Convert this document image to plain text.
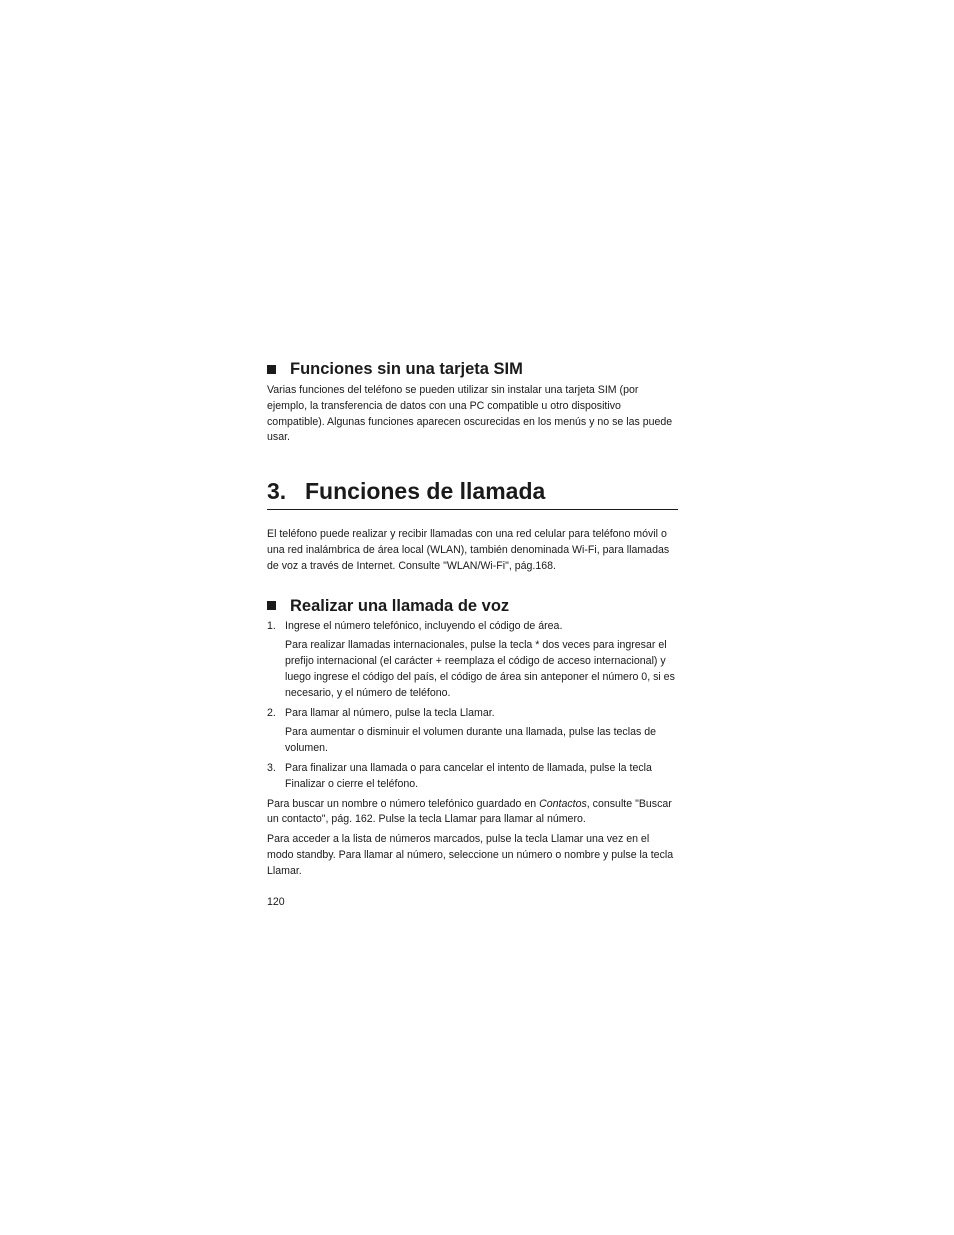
Funciones sin una tarjeta SIM

Varias funciones del teléfono se pueden utilizar sin instalar una tarjeta SIM (por ejemplo, la transferencia de datos con una PC compatible u otro dispositivo compatible). Algunas funciones aparecen oscurecidas en los menús y no se las puede usar.

3. Funciones de llamada

El teléfono puede realizar y recibir llamadas con una red celular para teléfono móvil o una red inalámbrica de área local (WLAN), también denominada Wi-Fi, para llamadas de voz a través de Internet. Consulte "WLAN/Wi-Fi", pág.168.

Realizar una llamada de voz
1. Ingrese el número telefónico, incluyendo el código de área.

Para realizar llamadas internacionales, pulse la tecla * dos veces para ingresar el prefijo internacional (el carácter + reemplaza el código de acceso internacional) y luego ingrese el código del país, el código de área sin anteponer el número 0, si es necesario, y el número de teléfono.

2. Para llamar al número, pulse la tecla Llamar.

Para aumentar o disminuir el volumen durante una llamada, pulse las teclas de volumen.

3. Para finalizar una llamada o para cancelar el intento de llamada, pulse la tecla Finalizar o cierre el teléfono.

Para buscar un nombre o número telefónico guardado en Contactos, consulte "Buscar un contacto", pág. 162. Pulse la tecla Llamar para llamar al número.

Para acceder a la lista de números marcados, pulse la tecla Llamar una vez en el modo standby. Para llamar al número, seleccione un número o nombre y pulse la tecla Llamar.

120
